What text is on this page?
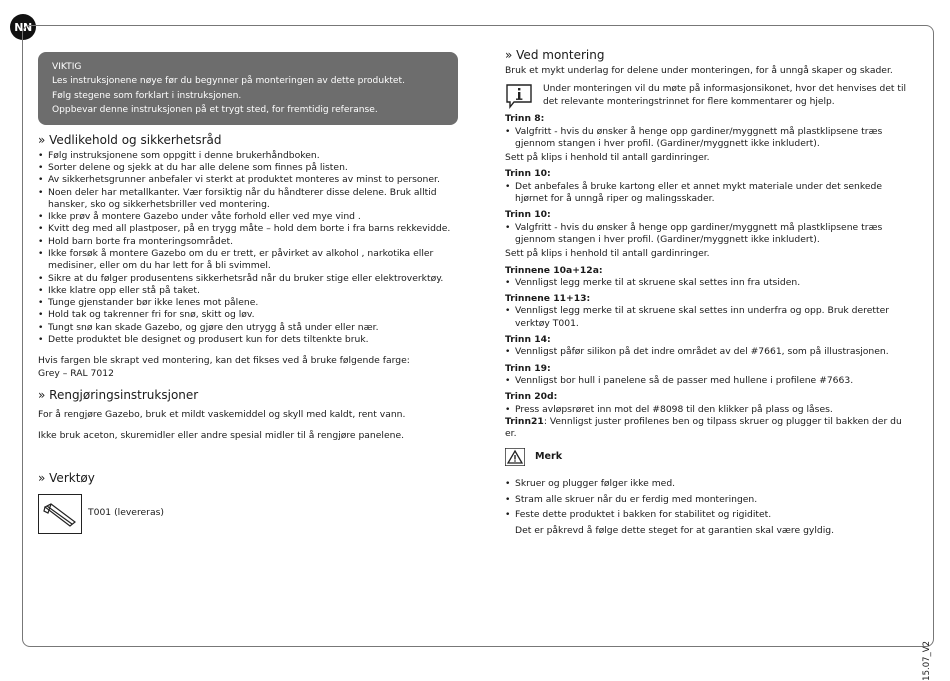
NN
VIKTIG
Les instruksjonene nøye før du begynner på monteringen av dette produktet.
Følg stegene som forklart i instruksjonen.
Oppbevar denne instruksjonen på et trygt sted, for fremtidig referanse.
» Vedlikehold og sikkerhetsråd
• Følg instruksjonene som oppgitt i denne brukerhåndboken.
• Sorter delene og sjekk at du har alle delene som finnes på listen.
• Av sikkerhetsgrunner anbefaler vi sterkt at produktet monteres av minst to personer.
• Noen deler har metallkanter. Vær forsiktig når du håndterer disse delene. Bruk alltid hansker, sko og sikkerhetsbriller ved montering.
• Ikke prøv å montere Gazebo under våte forhold eller ved mye vind .
• Kvitt deg med all plastposer, på en trygg måte – hold dem borte i fra barns rekkevidde.
• Hold barn borte fra monteringsområdet.
• Ikke forsøk å montere Gazebo om du er trett, er påvirket av alkohol , narkotika eller medisiner, eller om du har lett for å bli svimmel.
• Sikre at du følger produsentens sikkerhetsråd når du bruker stige eller elektroverktøy.
• Ikke klatre opp eller stå på taket.
• Tunge gjenstander bør ikke lenes mot pålene.
• Hold tak og takrenner fri for snø, skitt og løv.
• Tungt snø kan skade Gazebo, og gjøre den utrygg å stå under eller nær.
• Dette produktet ble designet og produsert kun for dets tiltenkte bruk.

Hvis fargen ble skrapt ved montering, kan det fikses ved å bruke følgende farge:

Grey – RAL 7012

» Rengjøringsinstruksjoner

For å rengjøre Gazebo, bruk et mildt vaskemiddel og skyll med kaldt, rent vann.

Ikke bruk aceton, skuremidler eller andre spesial midler til å rengjøre panelene.

» Verktøy
T001 (levereras)
» Ved montering

Bruk et mykt underlag for delene under monteringen, for å unngå skaper og skader.

Under monteringen vil du møte på informasjonsikonet, hvor det henvises det til det relevante monteringstrinnet for flere kommentarer og hjelp.

Trinn 8:
• Valgfritt - hvis du ønsker å henge opp gardiner/myggnett må plastklipsene træs gjennom stangen i hver profil. (Gardiner/myggnett ikke inkludert).

Sett på klips i henhold til antall gardinringer.

Trinn 10:
• Det anbefales å bruke kartong eller et annet mykt materiale under det senkede hjørnet for å unngå riper og malingsskader.
Trinn 10:
• Valgfritt - hvis du ønsker å henge opp gardiner/myggnett må plastklipsene træs gjennom stangen i hver profil. (Gardiner/myggnett ikke inkludert).

Sett på klips i henhold til antall gardinringer.

Trinnene 10a+12a:
• Vennligst legg merke til at skruene skal settes inn fra utsiden.
Trinnene 11+13:
• Vennligst legg merke til at skruene skal settes inn underfra og opp. Bruk deretter verktøy T001.
Trinn 14:
• Vennligst påfør silikon på det indre området av del #7661, som på illustrasjonen.
Trinn 19:
• Vennligst bor hull i panelene så de passer med hullene i profilene #7663.
Trinn 20d:
• Press avløpsrøret inn mot del #8098 til den klikker på plass og låses.

Trinn21: Vennligst juster profilenes ben og tilpass skruer og plugger til bakken der du er.

Merk
• Skruer og plugger følger ikke med.
• Stram alle skruer når du er ferdig med monteringen.
• Feste dette produktet i bakken for stabilitet og rigiditet.

Det er påkrevd å følge dette steget for at garantien skal være gyldig.

15.07_V2
